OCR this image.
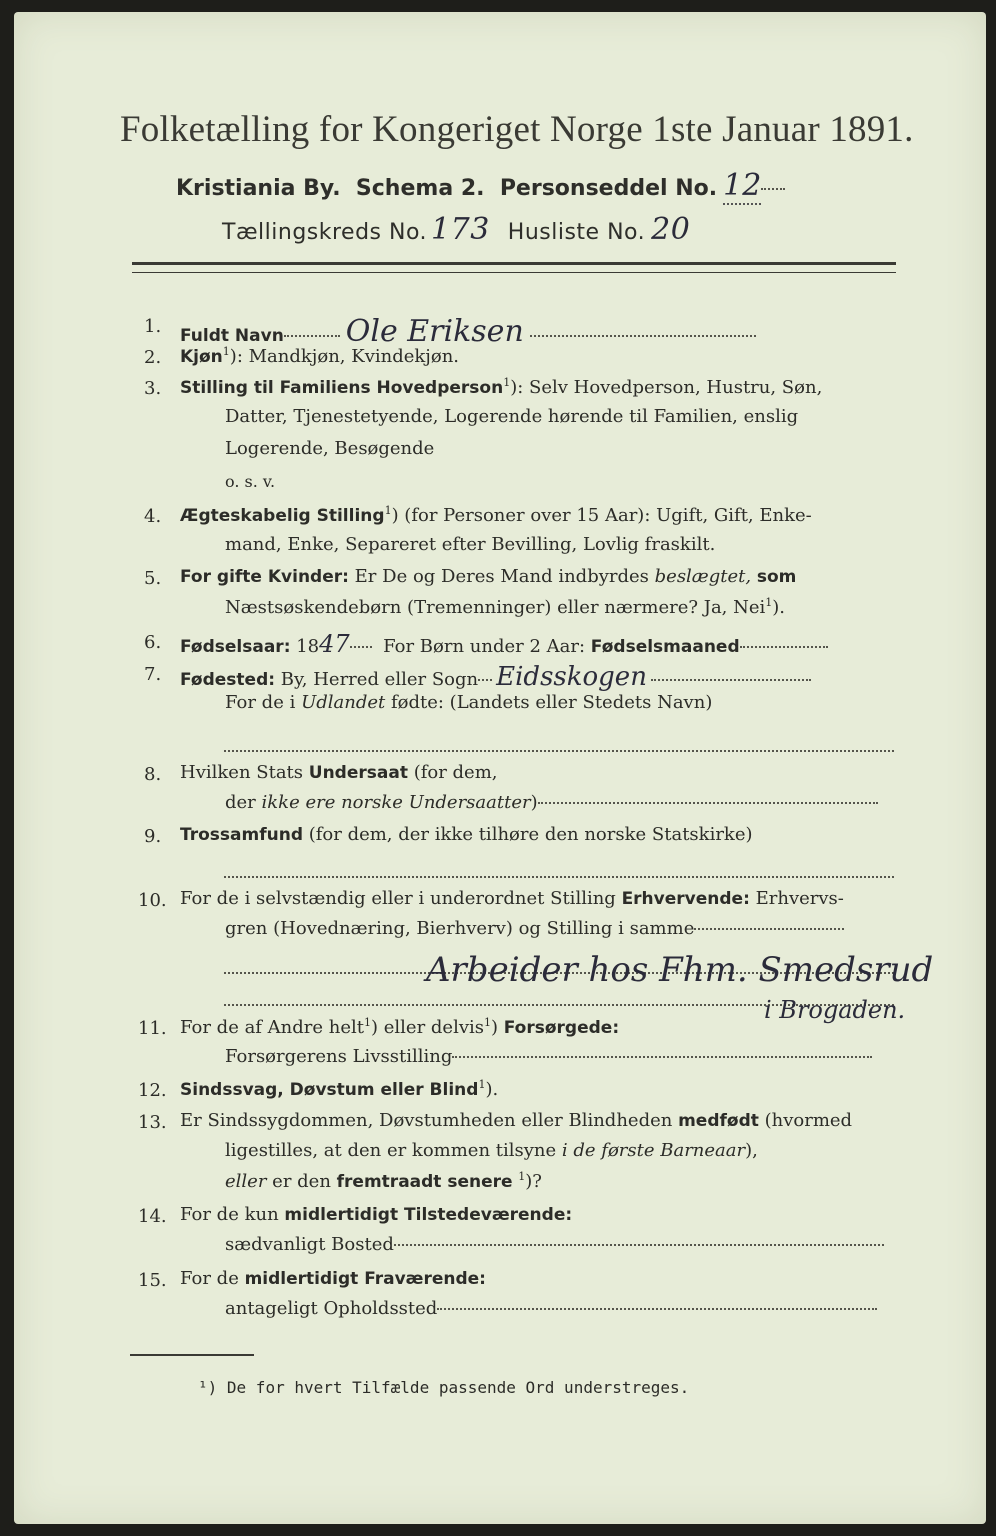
Folketælling for Kongeriget Norge 1ste Januar 1891.
Kristiania By. Schema 2. Personseddel No. 12
Tællingskreds No. 173 Husliste No. 20
1. Fuldt Navn Ole Eriksen
2. Kjøn$^1$): Mandkjøn, Kvindekjøn.
3. Stilling til Familiens Hovedperson$^1$): Selv Hovedperson, Hustru, Søn,
Datter, Tjenestetyende, Logerende hørende til Familien, enslig
Logerende, Besøgende
o. s. v.
4. Ægteskabelig Stilling$^1$) (for Personer over 15 Aar): Ugift, Gift, Enke-
mand, Enke, Separeret efter Bevilling, Lovlig fraskilt.
5. For gifte Kvinder: Er De og Deres Mand indbyrdes beslægtet, som
Næstsøskendebørn (Tremenninger) eller nærmere? Ja, Nei$^1$).
6. Fødselsaar: 1847 For Børn under 2 Aar: Fødselsmaaned
7. Fødested: By, Herred eller Sogn Eidsskogen
For de i Udlandet fødte: (Landets eller Stedets Navn)
8. Hvilken Stats Undersaat (for dem,
der ikke ere norske Undersaatter)
9. Trossamfund (for dem, der ikke tilhøre den norske Statskirke)
10. For de i selvstændig eller i underordnet Stilling Erhvervende: Erhvervs-
gren (Hovednæring, Bierhverv) og Stilling i samme
Arbeider hos Fhm. Smedsrud
i Brogaden.
11. For de af Andre helt$^1$) eller delvis$^1$) Forsørgede:
Forsørgerens Livsstilling
12. Sindssvag, Døvstum eller Blind$^1$).
13. Er Sindssygdommen, Døvstumheden eller Blindheden medfødt (hvormed
ligestilles, at den er kommen tilsyne i de første Barneaar),
eller er den fremtraadt senere $^1$)?
14. For de kun midlertidigt Tilstedeværende:
sædvanligt Bosted
15. For de midlertidigt Fraværende:
antageligt Opholdssted
¹) De for hvert Tilfælde passende Ord understreges.
